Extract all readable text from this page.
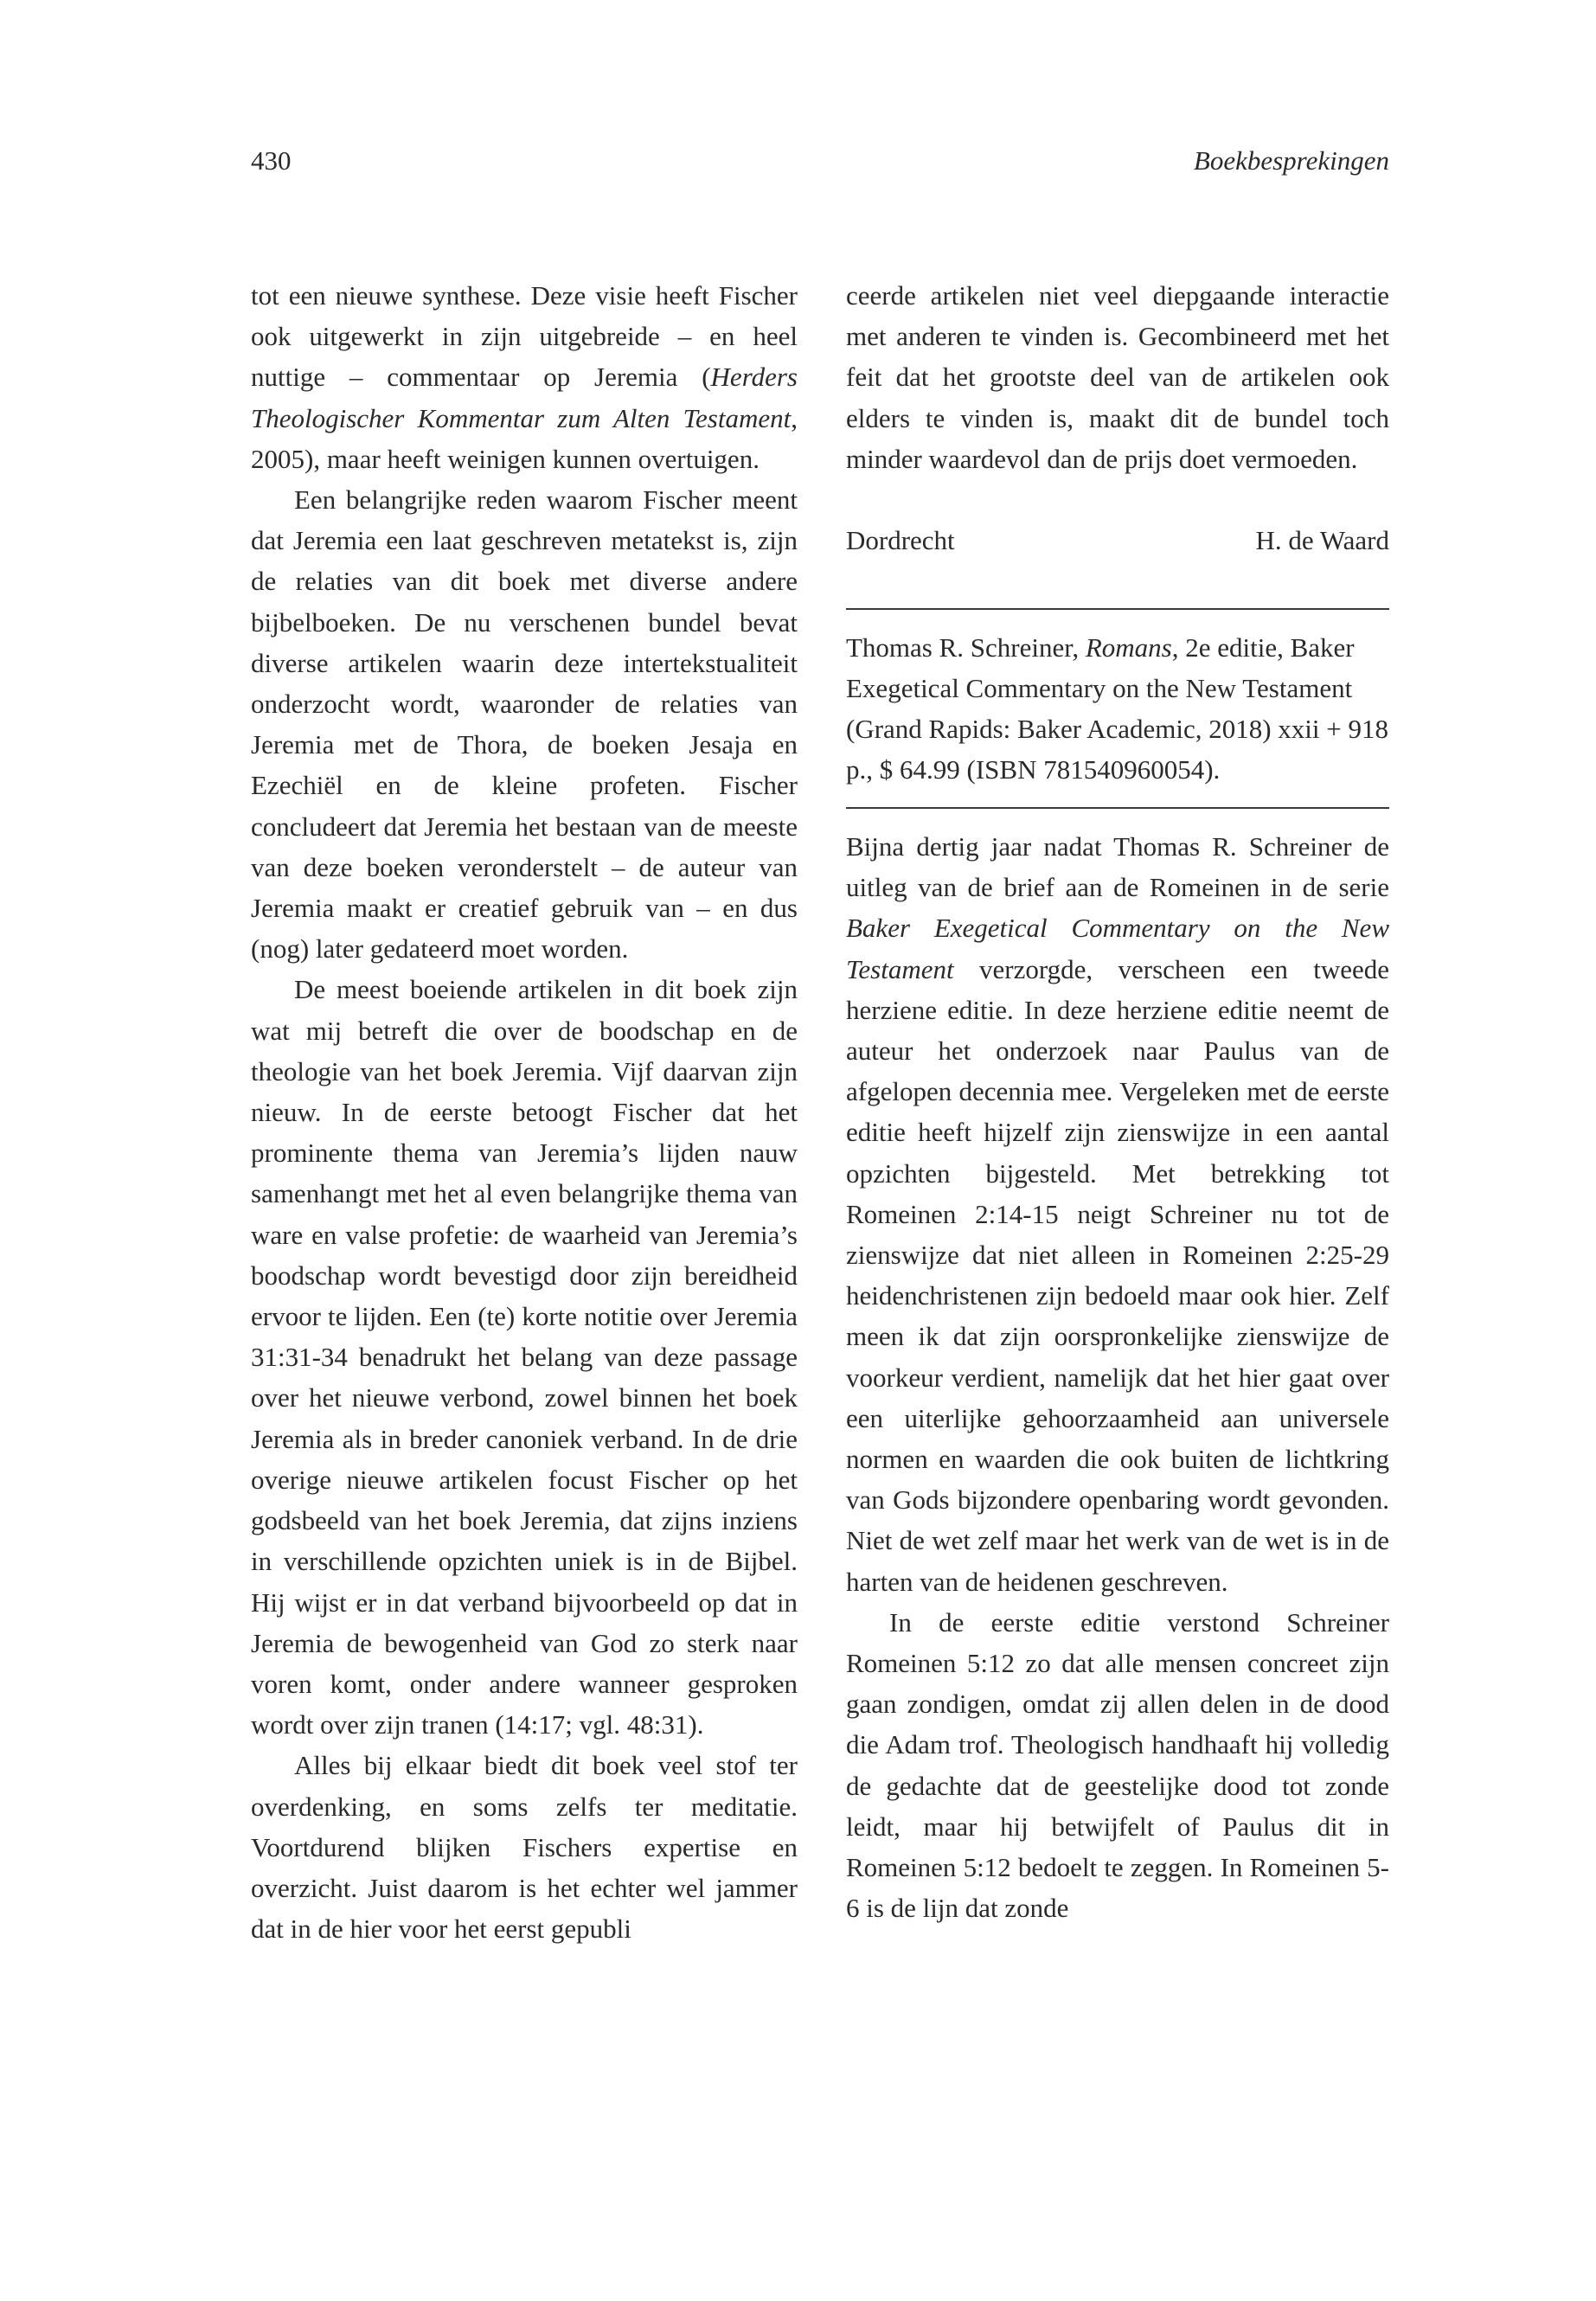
430	Boekbesprekingen

tot een nieuwe synthese. Deze visie heeft Fischer ook uitgewerkt in zijn uitgebreide – en heel nuttige – commentaar op Jeremia (Herders Theologischer Kommentar zum Alten Testament, 2005), maar heeft weinigen kunnen overtuigen.

Een belangrijke reden waarom Fischer meent dat Jeremia een laat geschreven metatekst is, zijn de relaties van dit boek met diverse andere bijbelboeken. De nu verschenen bundel bevat diverse artikelen waarin deze intertekstualiteit onderzocht wordt, waaronder de relaties van Jeremia met de Thora, de boeken Jesaja en Ezechiël en de kleine profeten. Fischer concludeert dat Jeremia het bestaan van de meeste van deze boeken veronderstelt – de auteur van Jeremia maakt er creatief gebruik van – en dus (nog) later gedateerd moet worden.

De meest boeiende artikelen in dit boek zijn wat mij betreft die over de boodschap en de theologie van het boek Jeremia. Vijf daarvan zijn nieuw. In de eerste betoogt Fischer dat het prominente thema van Jeremia’s lijden nauw samenhangt met het al even belangrijke thema van ware en valse profetie: de waarheid van Jeremia’s boodschap wordt bevestigd door zijn bereidheid ervoor te lijden. Een (te) korte notitie over Jeremia 31:31-34 benadrukt het belang van deze passage over het nieuwe verbond, zowel binnen het boek Jeremia als in breder canoniek verband. In de drie overige nieuwe artikelen focust Fischer op het godsbeeld van het boek Jeremia, dat zijns inziens in verschillende opzichten uniek is in de Bijbel. Hij wijst er in dat verband bijvoorbeeld op dat in Jeremia de bewogenheid van God zo sterk naar voren komt, onder andere wanneer gesproken wordt over zijn tranen (14:17; vgl. 48:31).

Alles bij elkaar biedt dit boek veel stof ter overdenking, en soms zelfs ter meditatie. Voortdurend blijken Fischers expertise en overzicht. Juist daarom is het echter wel jammer dat in de hier voor het eerst gepubli

ceerde artikelen niet veel diepgaande interactie met anderen te vinden is. Gecombineerd met het feit dat het grootste deel van de artikelen ook elders te vinden is, maakt dit de bundel toch minder waardevol dan de prijs doet vermoeden.

Dordrecht	H. de Waard
Thomas R. Schreiner, Romans, 2e editie, Baker Exegetical Commentary on the New Testament (Grand Rapids: Baker Academic, 2018) xxii + 918 p., $ 64.99 (ISBN 781540960054).

Bijna dertig jaar nadat Thomas R. Schreiner de uitleg van de brief aan de Romeinen in de serie Baker Exegetical Commentary on the New Testament verzorgde, verscheen een tweede herziene editie. In deze herziene editie neemt de auteur het onderzoek naar Paulus van de afgelopen decennia mee. Vergeleken met de eerste editie heeft hijzelf zijn zienswijze in een aantal opzichten bijgesteld. Met betrekking tot Romeinen 2:14-15 neigt Schreiner nu tot de zienswijze dat niet alleen in Romeinen 2:25-29 heidenchristenen zijn bedoeld maar ook hier. Zelf meen ik dat zijn oorspronkelijke zienswijze de voorkeur verdient, namelijk dat het hier gaat over een uiterlijke gehoorzaamheid aan universele normen en waarden die ook buiten de lichtkring van Gods bijzondere openbaring wordt gevonden. Niet de wet zelf maar het werk van de wet is in de harten van de heidenen geschreven.

In de eerste editie verstond Schreiner Romeinen 5:12 zo dat alle mensen concreet zijn gaan zondigen, omdat zij allen delen in de dood die Adam trof. Theologisch handhaaft hij volledig de gedachte dat de geestelijke dood tot zonde leidt, maar hij betwijfelt of Paulus dit in Romeinen 5:12 bedoelt te zeggen. In Romeinen 5-6 is de lijn dat zonde
